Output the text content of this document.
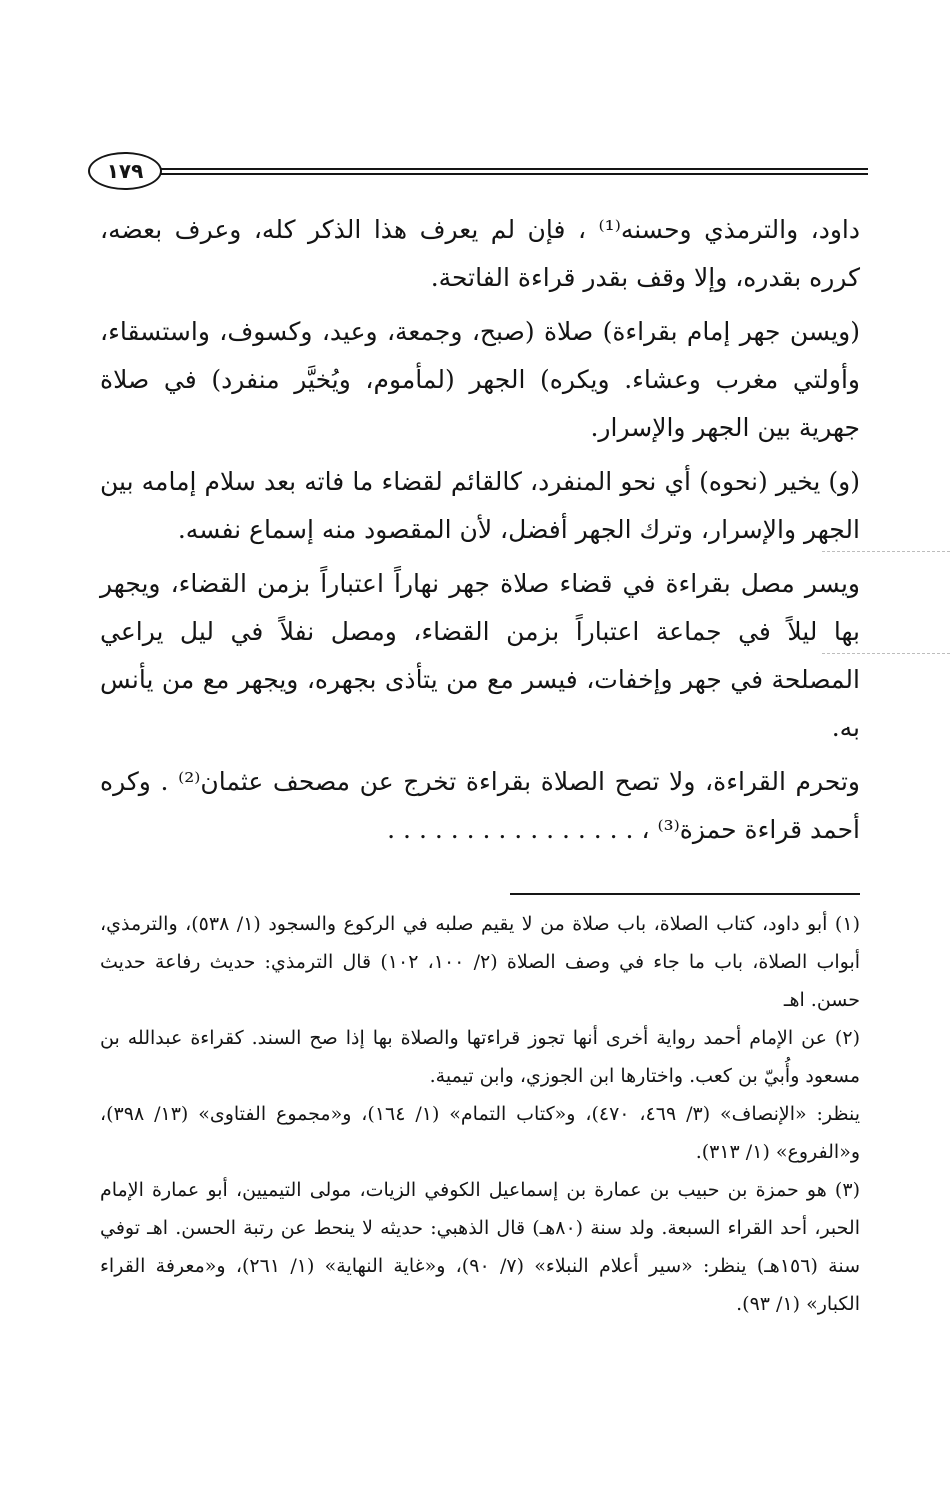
١٧٩

داود، والترمذي وحسنه⁽¹⁾ ، فإن لم يعرف هذا الذكر كله، وعرف بعضه، كرره بقدره، وإلا وقف بقدر قراءة الفاتحة.

(ويسن جهر إمام بقراءة) صلاة (صبح، وجمعة، وعيد، وكسوف، واستسقاء، وأولتي مغرب وعشاء. ويكره) الجهر (لمأموم، ويُخيَّر منفرد) في صلاة جهرية بين الجهر والإسرار.

(و) يخير (نحوه) أي نحو المنفرد، كالقائم لقضاء ما فاته بعد سلام إمامه بين الجهر والإسرار، وترك الجهر أفضل، لأن المقصود منه إسماع نفسه.

ويسر مصل بقراءة في قضاء صلاة جهر نهاراً اعتباراً بزمن القضاء، ويجهر بها ليلاً في جماعة اعتباراً بزمن القضاء، ومصل نفلاً في ليل يراعي المصلحة في جهر وإخفات، فيسر مع من يتأذى بجهره، ويجهر مع من يأنس به.

وتحرم القراءة، ولا تصح الصلاة بقراءة تخرج عن مصحف عثمان⁽²⁾ . وكره أحمد قراءة حمزة⁽³⁾ ، . . . . . . . . . . . . . . . .

(١) أبو داود، كتاب الصلاة، باب صلاة من لا يقيم صلبه في الركوع والسجود (١/ ٥٣٨)، والترمذي، أبواب الصلاة، باب ما جاء في وصف الصلاة (٢/ ١٠٠، ١٠٢) قال الترمذي: حديث رفاعة حديث حسن. اهـ

(٢) عن الإمام أحمد رواية أخرى أنها تجوز قراءتها والصلاة بها إذا صح السند. كقراءة عبدالله بن مسعود وأُبيّ بن كعب. واختارها ابن الجوزي، وابن تيمية.

ينظر: «الإنصاف» (٣/ ٤٦٩، ٤٧٠)، و«كتاب التمام» (١/ ١٦٤)، و«مجموع الفتاوى» (١٣/ ٣٩٨)، و«الفروع» (١/ ٣١٣).

(٣) هو حمزة بن حبيب بن عمارة بن إسماعيل الكوفي الزيات، مولى التيميين، أبو عمارة الإمام الحبر، أحد القراء السبعة. ولد سنة (٨٠هـ) قال الذهبي: حديثه لا ينحط عن رتبة الحسن. اهـ توفي سنة (١٥٦هـ) ينظر: «سير أعلام النبلاء» (٧/ ٩٠)، و«غاية النهاية» (١/ ٢٦١)، و«معرفة القراء الكبار» (١/ ٩٣).
